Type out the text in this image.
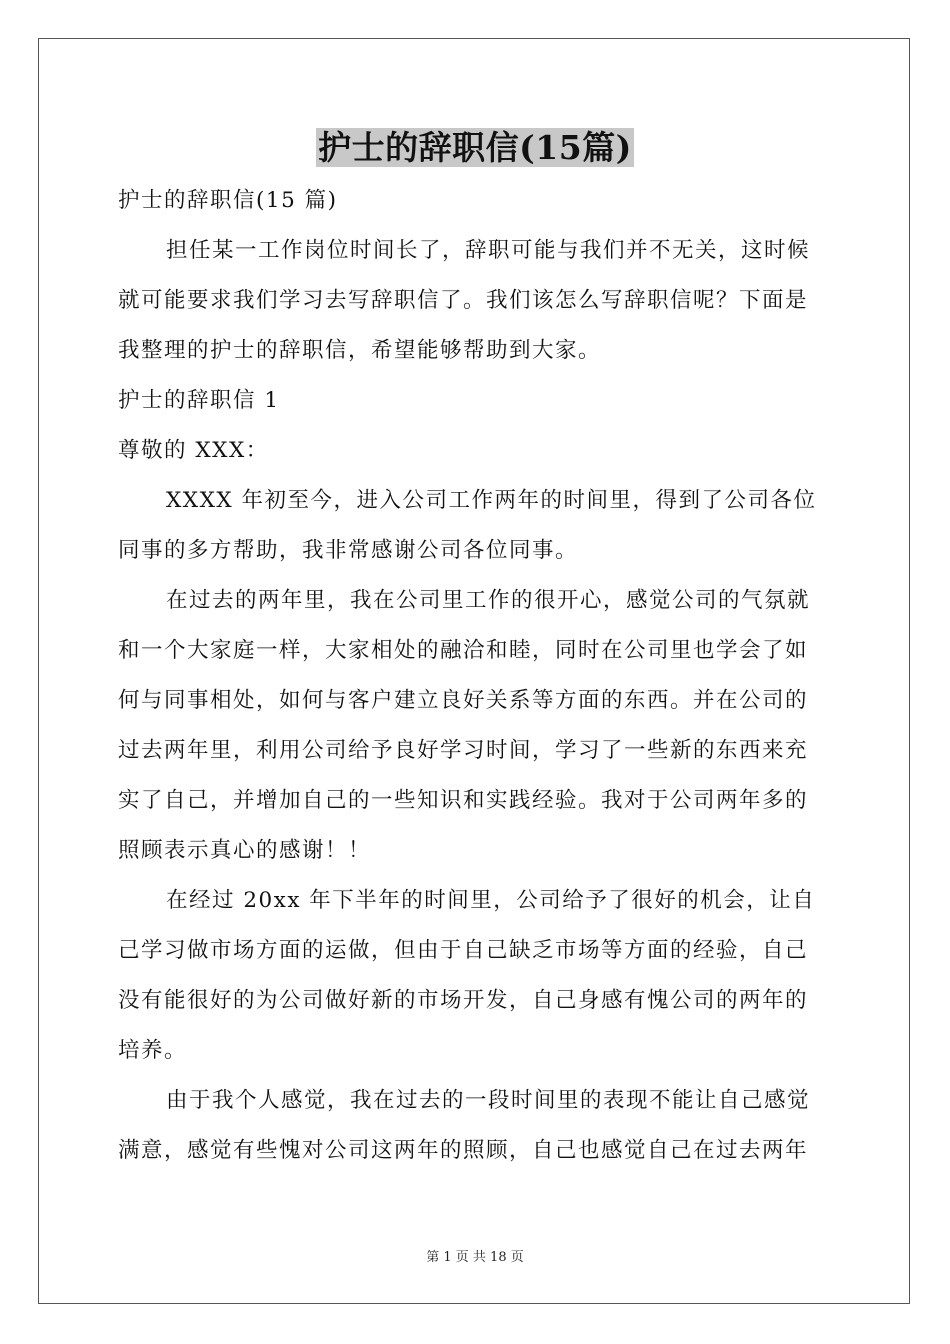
护士的辞职信(15篇)
护士的辞职信(15 篇)
担任某一工作岗位时间长了，辞职可能与我们并不无关，这时候
就可能要求我们学习去写辞职信了。我们该怎么写辞职信呢？下面是
我整理的护士的辞职信，希望能够帮助到大家。
护士的辞职信 1
尊敬的 XXX：
XXXX 年初至今，进入公司工作两年的时间里，得到了公司各位
同事的多方帮助，我非常感谢公司各位同事。
在过去的两年里，我在公司里工作的很开心，感觉公司的气氛就
和一个大家庭一样，大家相处的融洽和睦，同时在公司里也学会了如
何与同事相处，如何与客户建立良好关系等方面的东西。并在公司的
过去两年里，利用公司给予良好学习时间，学习了一些新的东西来充
实了自己，并增加自己的一些知识和实践经验。我对于公司两年多的
照顾表示真心的感谢！！
在经过 20xx 年下半年的时间里，公司给予了很好的机会，让自
己学习做市场方面的运做，但由于自己缺乏市场等方面的经验，自己
没有能很好的为公司做好新的市场开发，自己身感有愧公司的两年的
培养。
由于我个人感觉，我在过去的一段时间里的表现不能让自己感觉
满意，感觉有些愧对公司这两年的照顾，自己也感觉自己在过去两年
第 1 页 共 18 页
